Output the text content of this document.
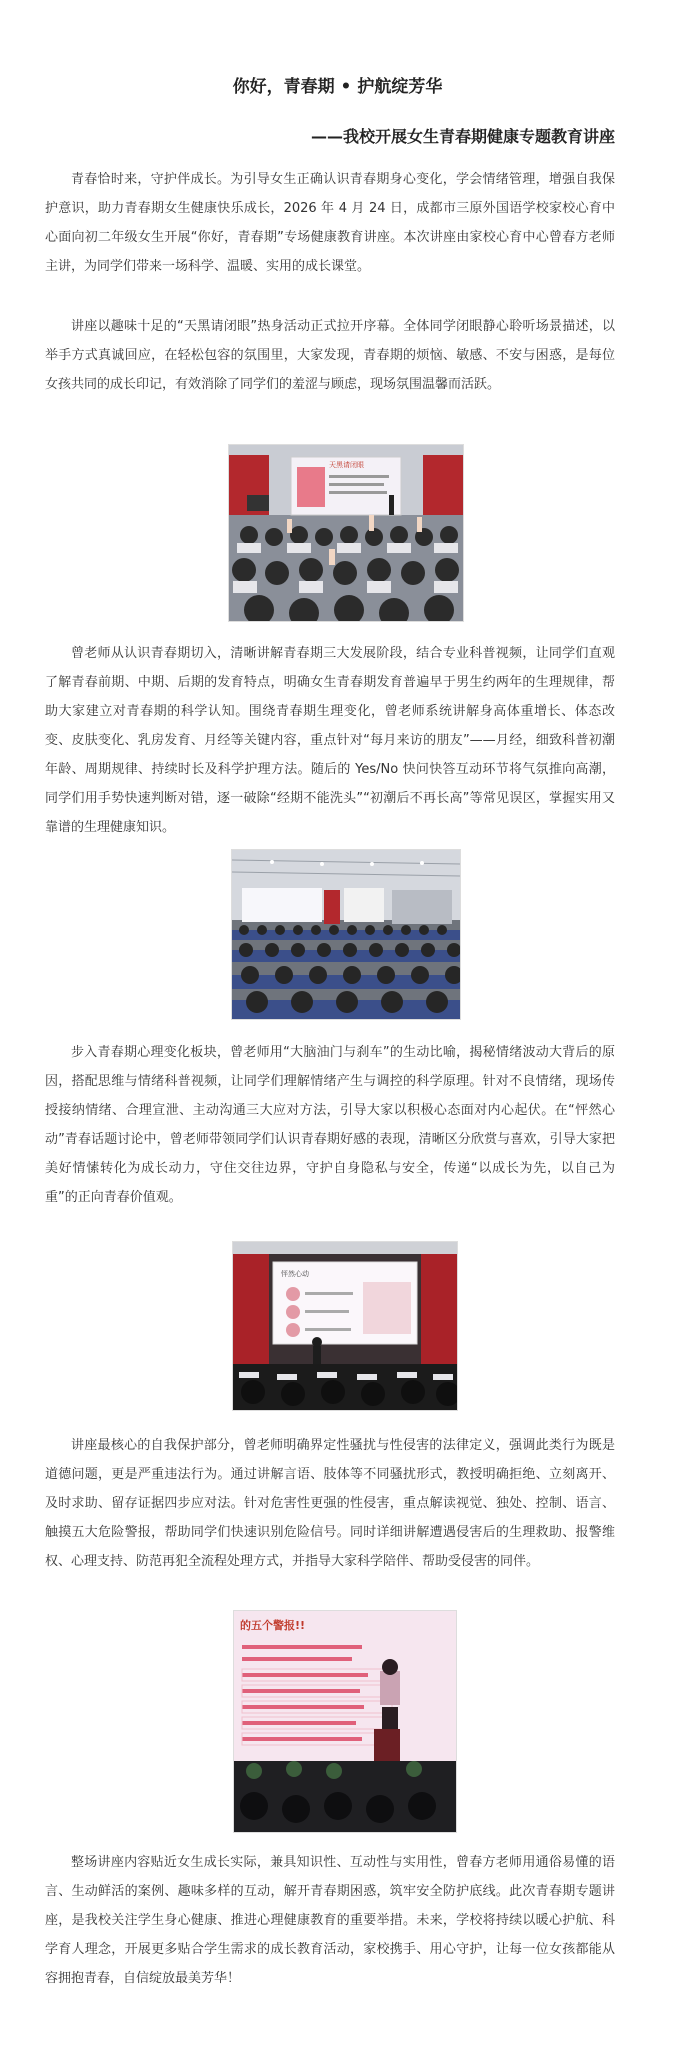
你好，青春期 • 护航绽芳华
——我校开展女生青春期健康专题教育讲座

青春恰时来，守护伴成长。为引导女生正确认识青春期身心变化，学会情绪管理，增强自我保护意识，助力青春期女生健康快乐成长，2026 年 4 月 24 日，成都市三原外国语学校家校心育中心面向初二年级女生开展“你好，青春期”专场健康教育讲座。本次讲座由家校心育中心曾春方老师主讲，为同学们带来一场科学、温暖、实用的成长课堂。

讲座以趣味十足的“天黑请闭眼”热身活动正式拉开序幕。全体同学闭眼静心聆听场景描述，以举手方式真诚回应，在轻松包容的氛围里，大家发现，青春期的烦恼、敏感、不安与困惑，是每位女孩共同的成长印记，有效消除了同学们的羞涩与顾虑，现场氛围温馨而活跃。

天黑请闭眼

曾老师从认识青春期切入，清晰讲解青春期三大发展阶段，结合专业科普视频，让同学们直观了解青春前期、中期、后期的发育特点，明确女生青春期发育普遍早于男生约两年的生理规律，帮助大家建立对青春期的科学认知。围绕青春期生理变化，曾老师系统讲解身高体重增长、体态改变、皮肤变化、乳房发育、月经等关键内容，重点针对“每月来访的朋友”——月经，细致科普初潮年龄、周期规律、持续时长及科学护理方法。随后的 Yes/No 快问快答互动环节将气氛推向高潮，同学们用手势快速判断对错，逐一破除“经期不能洗头”“初潮后不再长高”等常见误区，掌握实用又靠谱的生理健康知识。

步入青春期心理变化板块，曾老师用“大脑油门与刹车”的生动比喻，揭秘情绪波动大背后的原因，搭配思维与情绪科普视频，让同学们理解情绪产生与调控的科学原理。针对不良情绪，现场传授接纳情绪、合理宣泄、主动沟通三大应对方法，引导大家以积极心态面对内心起伏。在“怦然心动”青春话题讨论中，曾老师带领同学们认识青春期好感的表现，清晰区分欣赏与喜欢，引导大家把美好情愫转化为成长动力，守住交往边界，守护自身隐私与安全，传递“以成长为先，以自己为重”的正向青春价值观。

怦然心动

讲座最核心的自我保护部分，曾老师明确界定性骚扰与性侵害的法律定义，强调此类行为既是道德问题，更是严重违法行为。通过讲解言语、肢体等不同骚扰形式，教授明确拒绝、立刻离开、及时求助、留存证据四步应对法。针对危害性更强的性侵害，重点解读视觉、独处、控制、语言、触摸五大危险警报，帮助同学们快速识别危险信号。同时详细讲解遭遇侵害后的生理救助、报警维权、心理支持、防范再犯全流程处理方式，并指导大家科学陪伴、帮助受侵害的同伴。

的五个警报!!

整场讲座内容贴近女生成长实际，兼具知识性、互动性与实用性，曾春方老师用通俗易懂的语言、生动鲜活的案例、趣味多样的互动，解开青春期困惑，筑牢安全防护底线。此次青春期专题讲座，是我校关注学生身心健康、推进心理健康教育的重要举措。未来，学校将持续以暖心护航、科学育人理念，开展更多贴合学生需求的成长教育活动，家校携手、用心守护，让每一位女孩都能从容拥抱青春，自信绽放最美芳华！
